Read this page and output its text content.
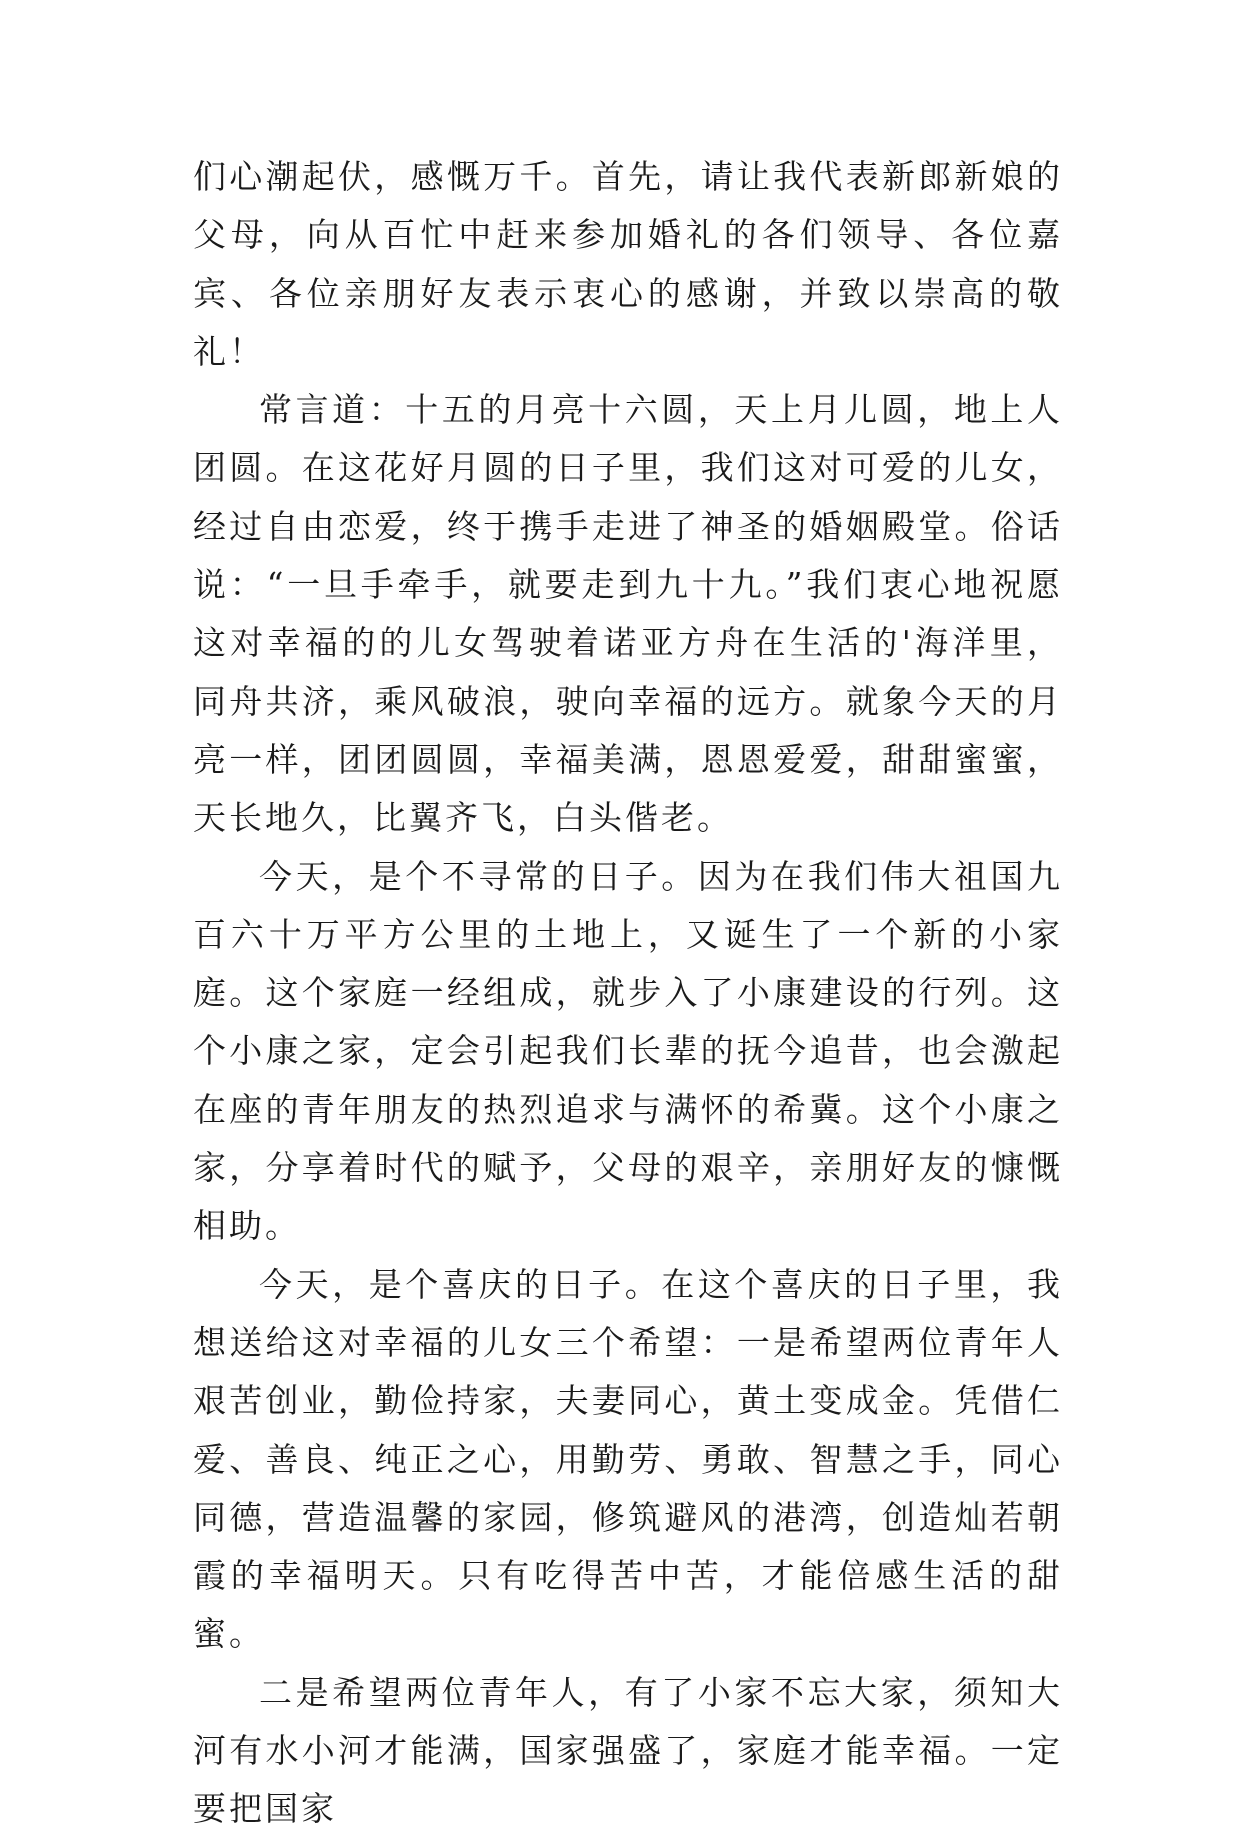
们心潮起伏，感慨万千。首先，请让我代表新郎新娘的父母，向从百忙中赶来参加婚礼的各们领导、各位嘉宾、各位亲朋好友表示衷心的感谢，并致以崇高的敬礼！

常言道：十五的月亮十六圆，天上月儿圆，地上人团圆。在这花好月圆的日子里，我们这对可爱的儿女，经过自由恋爱，终于携手走进了神圣的婚姻殿堂。俗话说：“一旦手牵手，就要走到九十九。”我们衷心地祝愿这对幸福的的儿女驾驶着诺亚方舟在生活的'海洋里，同舟共济，乘风破浪，驶向幸福的远方。就象今天的月亮一样，团团圆圆，幸福美满，恩恩爱爱，甜甜蜜蜜，天长地久，比翼齐飞，白头偕老。

今天，是个不寻常的日子。因为在我们伟大祖国九百六十万平方公里的土地上，又诞生了一个新的小家庭。这个家庭一经组成，就步入了小康建设的行列。这个小康之家，定会引起我们长辈的抚今追昔，也会激起在座的青年朋友的热烈追求与满怀的希冀。这个小康之家，分享着时代的赋予，父母的艰辛，亲朋好友的慷慨相助。

今天，是个喜庆的日子。在这个喜庆的日子里，我想送给这对幸福的儿女三个希望：一是希望两位青年人艰苦创业，勤俭持家，夫妻同心，黄土变成金。凭借仁爱、善良、纯正之心，用勤劳、勇敢、智慧之手，同心同德，营造温馨的家园，修筑避风的港湾，创造灿若朝霞的幸福明天。只有吃得苦中苦，才能倍感生活的甜蜜。

二是希望两位青年人，有了小家不忘大家，须知大河有水小河才能满，国家强盛了，家庭才能幸福。一定要把国家
